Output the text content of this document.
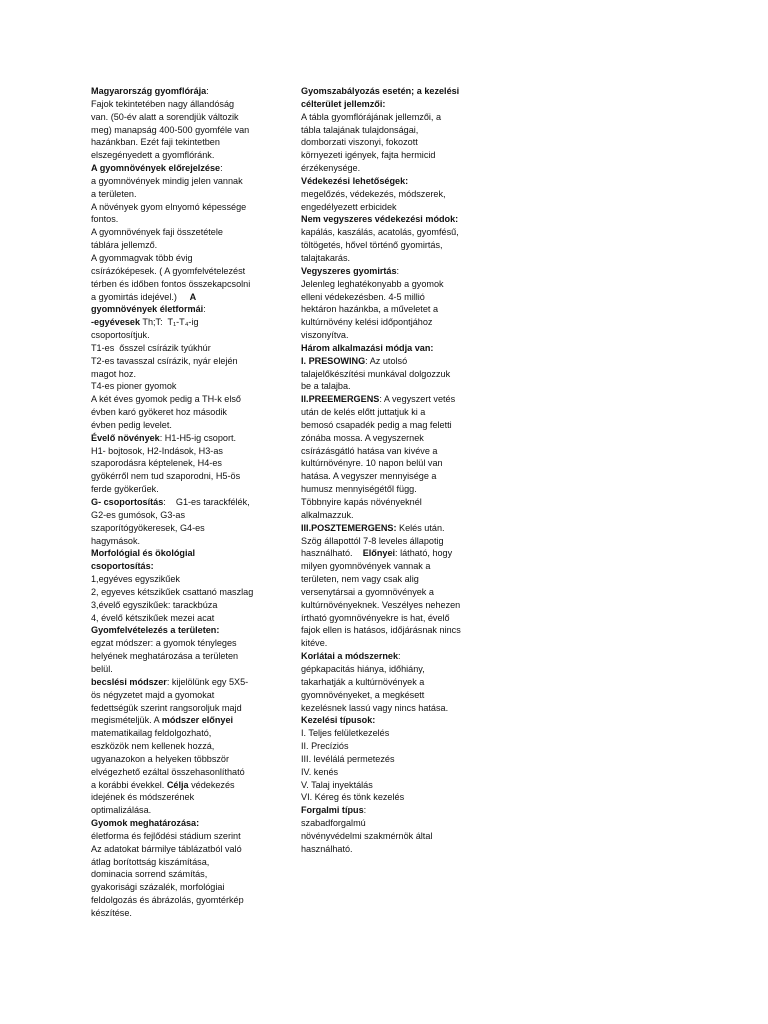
Magyarország gyomflórája:
Fajok tekintetében nagy állandóság
van. (50-év alatt a sorendjük változik
meg) manapság 400-500 gyomféle van
hazánkban. Ezét faji tekintetben
elszegényedett a gyomflóránk.
A gyomnövények előrejelzése:
a gyomnövények mindig jelen vannak
a területen.
A növények gyom elnyomó képessége
fontos.
A gyomnövények faji összetétele
táblára jellemző.
A gyommagvak több évig
csírázóképesek. ( A gyomfelvételezést
térben és időben fontos összekapcsolni
a gyomirtás idejével.)     A
gyomnövények életformái:
-egyévesek Th;T:  T₁-T₄-ig
csoportosítjuk.
T1-es  ősszel csírázik tyúkhúr
T2-es tavasszal csírázik, nyár elején
magot hoz.
T4-es pioner gyomok
A két éves gyomok pedig a TH-k első
évben karó gyökeret hoz második
évben pedig levelet.
Évelő növények: H1-H5-ig csoport.
H1- bojtosok, H2-Indások, H3-as
szaporodásra képtelenek, H4-es
gyökérről nem tud szaporodni, H5-ös
ferde gyökerűek.
G- csoportosítás:    G1-es tarackfélék,
G2-es gumósok, G3-as
szaporítógyökeresek, G4-es
hagymások.
Morfológial és ökológial
csoportosítás:
1,egyéves egyszikűek
2, egyeves kétszikűek csattanó maszlag
3,évelő egyszikűek: tarackbúza
4, évelő kétszikűek mezei acat
Gyomfelvételezés a területen:
egzat módszer: a gyomok tényleges
helyének meghatározása a területen
belül.
becslési módszer: kijelölünk egy 5X5-
ös négyzetet majd a gyomokat
fedettségük szerint rangsoroljuk majd
megismételjük. A módszer előnyei
matematikailag feldolgozható,
eszközök nem kellenek hozzá,
ugyanazokon a helyeken többször
elvégezhető ezáltal összehasonlítható
a korábbi évekkel. Célja védekezés
idejének és módszerének
optimalizálása.
Gyomok meghatározása:
életforma és fejlődési stádium szerint
Az adatokat bármilye táblázatból való
átlag borítottság kiszámítása,
dominacia sorrend számítás,
gyakorisági százalék, morfológiai
feldolgozás és ábrázolás, gyomtérkép
készítése.
Gyomszabályozás esetén; a kezelési
célterület jellemzői:
A tábla gyomflórájának jellemzői, a
tábla talajának tulajdonságai,
domborzati viszonyi, fokozott
környezeti igények, fajta hermicid
érzékenysége.
Védekezési lehetőségek:
megelőzés, védekezés, módszerek,
engedélyezett erbicidek
Nem vegyszeres védekezési módok:
kapálás, kaszálás, acatolás, gyomfésű,
töltögetés, hővel történő gyomirtás,
talajtakarás.
Vegyszeres gyomirtás:
Jelenleg leghatékonyabb a gyomok
elleni védekezésben. 4-5 millió
hektáron hazánkba, a műveletet a
kultúrnövény kelési időpontjához
viszonyítva.
Három alkalmazási módja van:
I. PRESOWING: Az utolsó
talajelőkészítési munkával dolgozzuk
be a talajba.
II.PREEMERGENS: A vegyszert vetés
után de kelés előtt juttatjuk ki a
bemosó csapadék pedig a mag feletti
zónába mossa. A vegyszernek
csírázásgátló hatása van kivéve a
kultúrnövényre. 10 napon belül van
hatása. A vegyszer mennyisége a
humusz mennyiségétől függ.
Többnyire kapás növényeknél
alkalmazzuk.
III.POSZTEMERGENS: Kelés után.
Szög állapottól 7-8 leveles állapotig
használható.    Előnyei: látható, hogy
milyen gyomnövények vannak a
területen, nem vagy csak alig
versenytársai a gyomnövények a
kultúrnövényeknek. Veszélyes nehezen
írtható gyomnövényekre is hat, évelő
fajok ellen is hatásos, időjárásnak nincs
kitéve.
Korlátai a módszernek:
gépkapacitás hiánya, időhiány,
takarhatják a kultúrnövények a
gyomnövényeket, a megkésett
kezelésnek lassú vagy nincs hatása.
Kezelési típusok:
I. Teljes felületkezelés
II. Precíziós
III. levélálá permetezés
IV. kenés
V. Talaj inyektálás
VI. Kéreg és tönk kezelés
Forgalmi típus:
szabadforgalmú
növényvédelmi szakmérnök által
használható.
